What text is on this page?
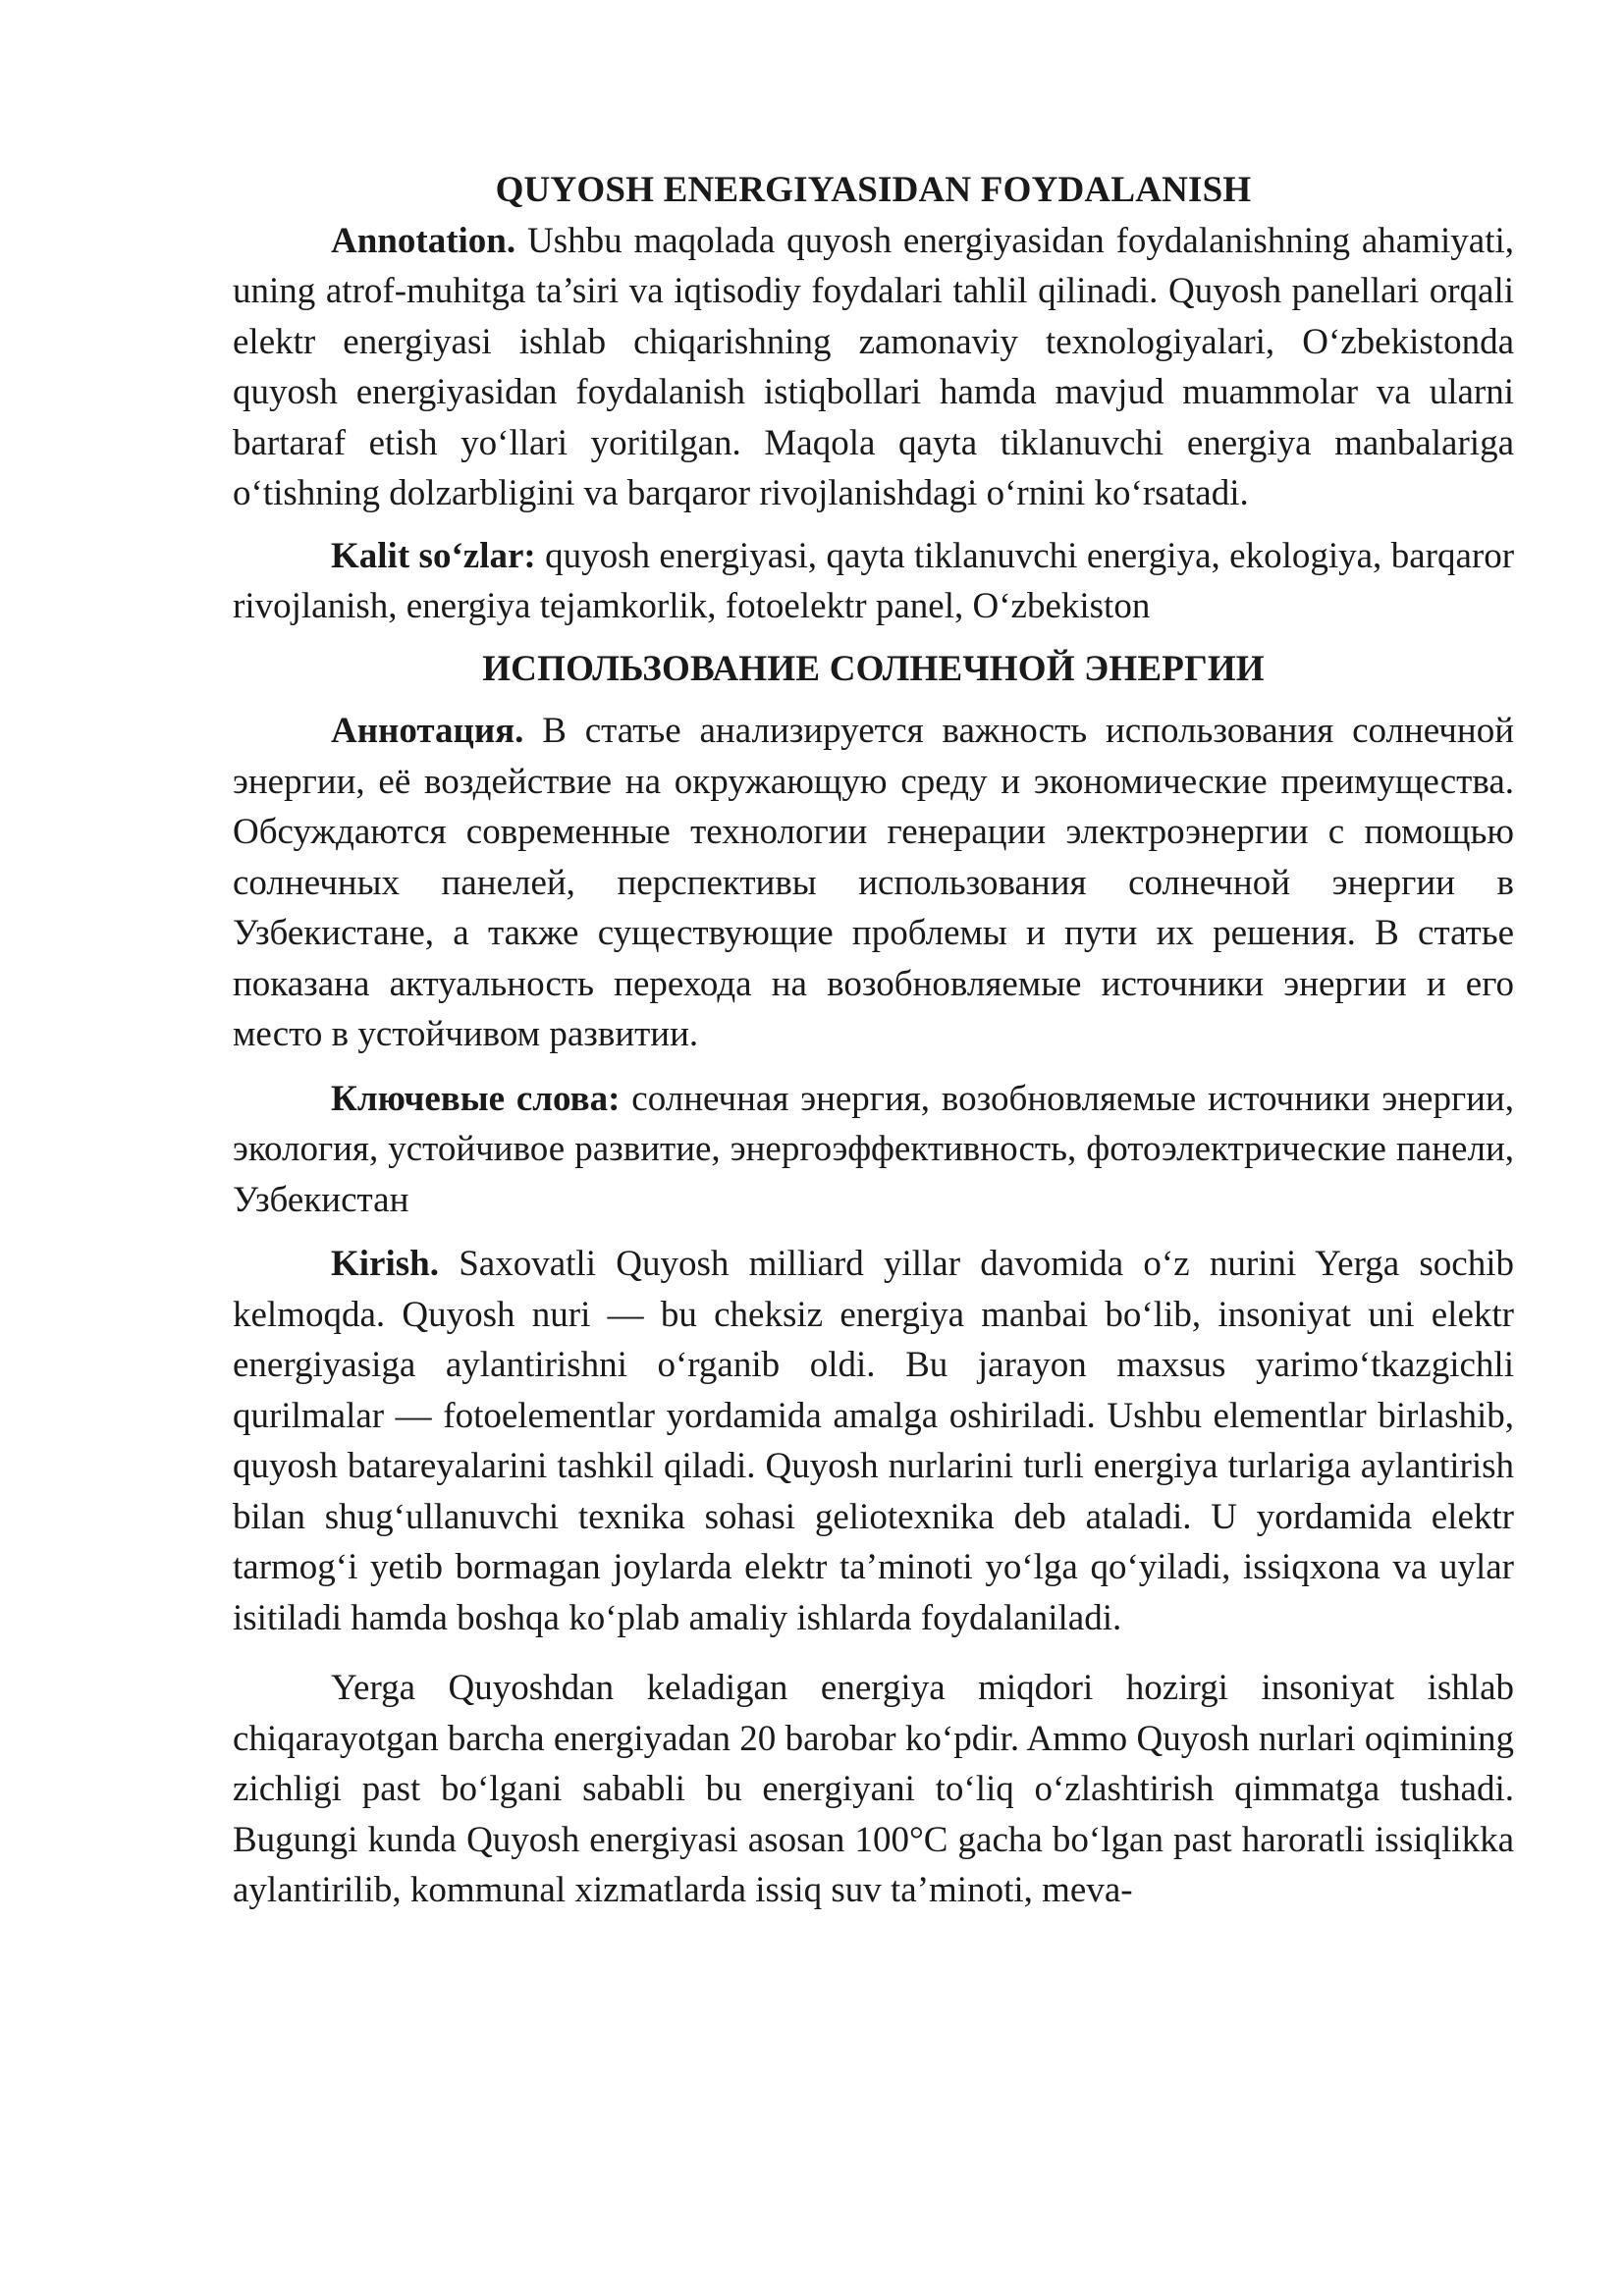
QUYOSH ENERGIYASIDAN FOYDALANISH

Annotation. Ushbu maqolada quyosh energiyasidan foydalanishning ahamiyati, uning atrof-muhitga ta’siri va iqtisodiy foydalari tahlil qilinadi. Quyosh panellari orqali elektr energiyasi ishlab chiqarishning zamonaviy texnologiyalari, O‘zbekistonda quyosh energiyasidan foydalanish istiqbollari hamda mavjud muammolar va ularni bartaraf etish yo‘llari yoritilgan. Maqola qayta tiklanuvchi energiya manbalariga o‘tishning dolzarbligini va barqaror rivojlanishdagi o‘rnini ko‘rsatadi.

Kalit so‘zlar: quyosh energiyasi, qayta tiklanuvchi energiya, ekologiya, barqaror rivojlanish, energiya tejamkorlik, fotoelektr panel, O‘zbekiston

ИСПОЛЬЗОВАНИЕ СОЛНЕЧНОЙ ЭНЕРГИИ

Аннотация. В статье анализируется важность использования солнечной энергии, её воздействие на окружающую среду и экономические преимущества. Обсуждаются современные технологии генерации электроэнергии с помощью солнечных панелей, перспективы использования солнечной энергии в Узбекистане, а также существующие проблемы и пути их решения. В статье показана актуальность перехода на возобновляемые источники энергии и его место в устойчивом развитии.

Ключевые слова: солнечная энергия, возобновляемые источники энергии, экология, устойчивое развитие, энергоэффективность, фотоэлектрические панели, Узбекистан

Kirish. Saxovatli Quyosh milliard yillar davomida o‘z nurini Yerga sochib kelmoqda. Quyosh nuri — bu cheksiz energiya manbai bo‘lib, insoniyat uni elektr energiyasiga aylantirishni o‘rganib oldi. Bu jarayon maxsus yarimo‘tkazgichli qurilmalar — fotoelementlar yordamida amalga oshiriladi. Ushbu elementlar birlashib, quyosh batareyalarini tashkil qiladi. Quyosh nurlarini turli energiya turlariga aylantirish bilan shug‘ullanuvchi texnika sohasi geliotexnika deb ataladi. U yordamida elektr tarmog‘i yetib bormagan joylarda elektr ta’minoti yo‘lga qo‘yiladi, issiqxona va uylar isitiladi hamda boshqa ko‘plab amaliy ishlarda foydalaniladi.

Yerga Quyoshdan keladigan energiya miqdori hozirgi insoniyat ishlab chiqarayotgan barcha energiyadan 20 barobar ko‘pdir. Ammo Quyosh nurlari oqimining zichligi past bo‘lgani sababli bu energiyani to‘liq o‘zlashtirish qimmatga tushadi. Bugungi kunda Quyosh energiyasi asosan 100°C gacha bo‘lgan past haroratli issiqlikka aylantirilib, kommunal xizmatlarda issiq suv ta’minoti, meva-
